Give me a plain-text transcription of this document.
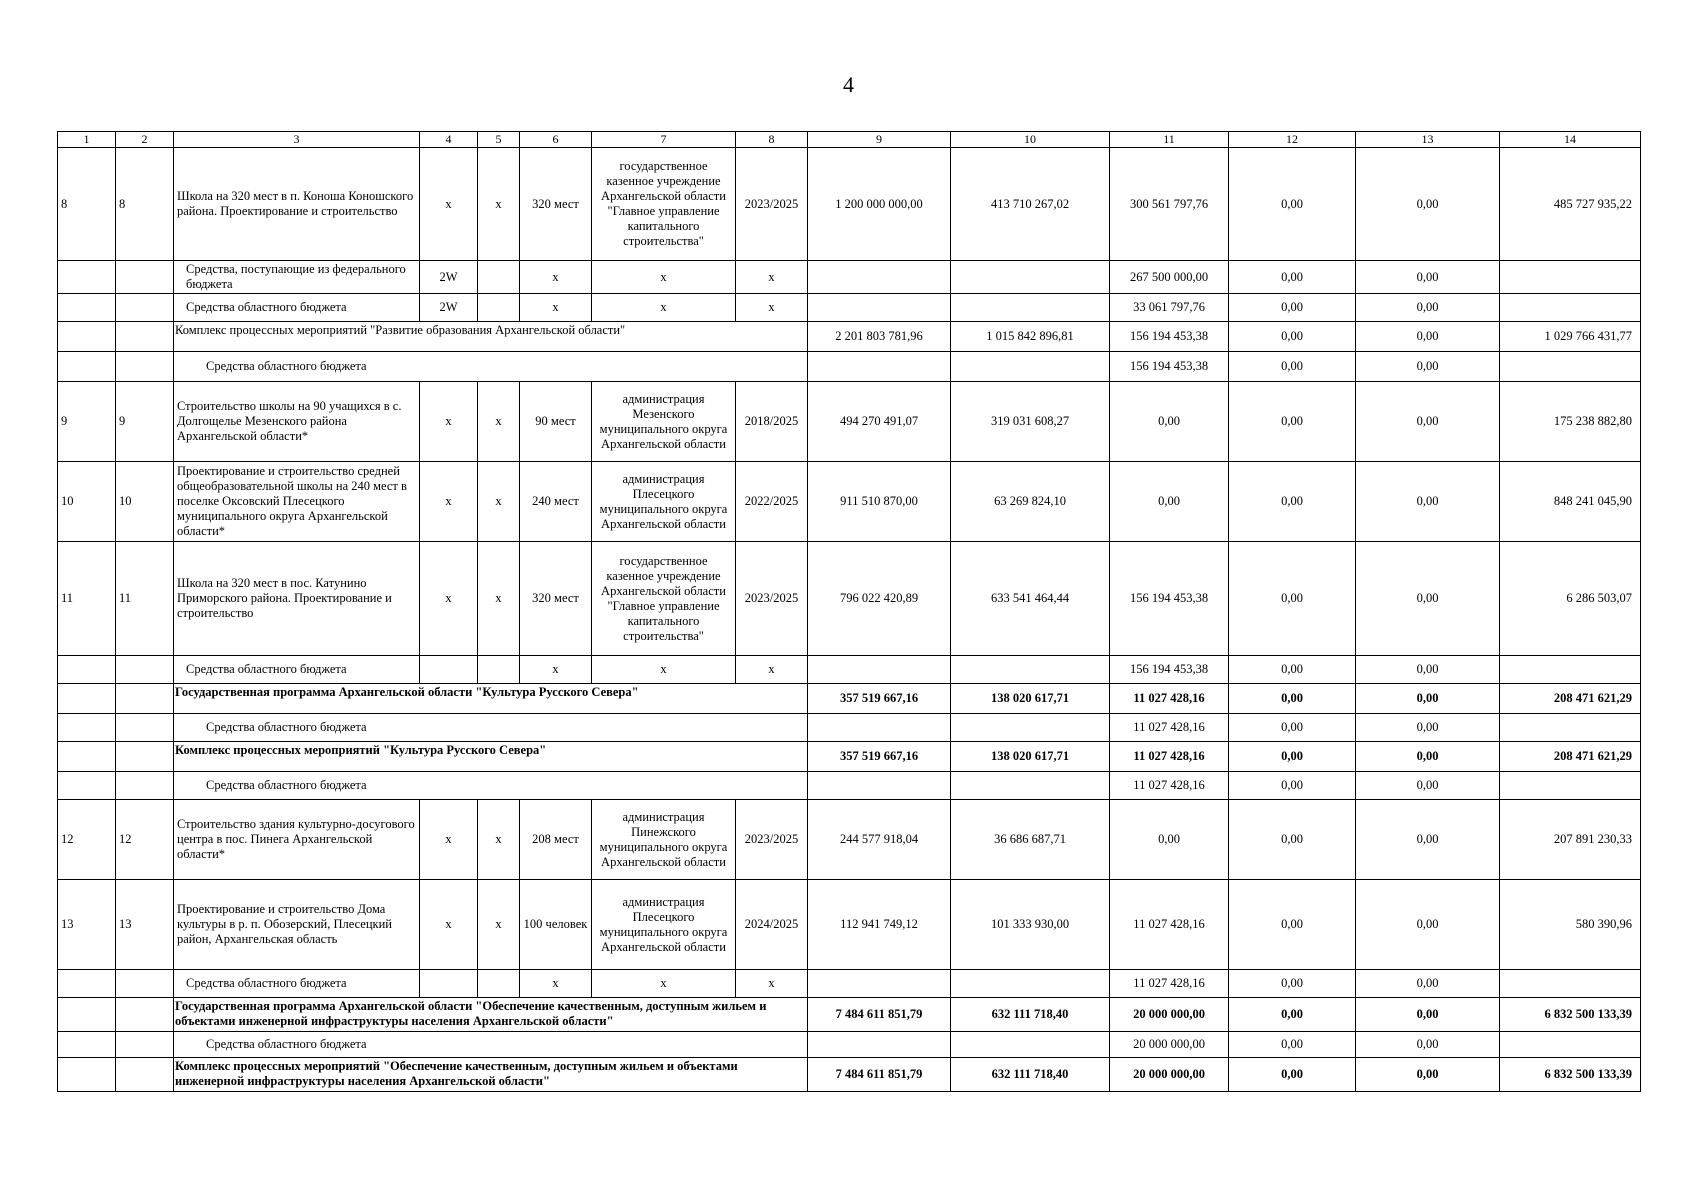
4
1	2	3	4	5	6	7	8	9	10	11	12	13	14
8	8	Школа на 320 мест в п. Коноша Коношского района. Проектирование и строительство	х	х	320 мест	государственное казенное учреждение Архангельской области "Главное управление капитального строительства"	2023/2025	1 200 000 000,00	413 710 267,02	300 561 797,76	0,00	0,00	485 727 935,22
		Средства, поступающие из федерального бюджета	2W		х	х	х			267 500 000,00	0,00	0,00	
		Средства областного бюджета	2W		х	х	х			33 061 797,76	0,00	0,00	
		Комплекс процессных мероприятий "Развитие образования Архангельской области"						2 201 803 781,96	1 015 842 896,81	156 194 453,38	0,00	0,00	1 029 766 431,77
		Средства областного бюджета								156 194 453,38	0,00	0,00	
9	9	Строительство школы на 90 учащихся в с. Долгощелье Мезенского района Архангельской области*	х	х	90 мест	администрация Мезенского муниципального округа Архангельской области	2018/2025	494 270 491,07	319 031 608,27	0,00	0,00	0,00	175 238 882,80
10	10	Проектирование и строительство средней общеобразовательной школы на 240 мест в поселке Оксовский Плесецкого муниципального округа Архангельской области*	х	х	240 мест	администрация Плесецкого муниципального округа Архангельской области	2022/2025	911 510 870,00	63 269 824,10	0,00	0,00	0,00	848 241 045,90
11	11	Школа на 320 мест в пос. Катунино Приморского района. Проектирование и строительство	х	х	320 мест	государственное казенное учреждение Архангельской области "Главное управление капитального строительства"	2023/2025	796 022 420,89	633 541 464,44	156 194 453,38	0,00	0,00	6 286 503,07
		Средства областного бюджета			х	х	х			156 194 453,38	0,00	0,00	
		Государственная программа Архангельской области "Культура Русского Севера"						357 519 667,16	138 020 617,71	11 027 428,16	0,00	0,00	208 471 621,29
		Средства областного бюджета								11 027 428,16	0,00	0,00	
		Комплекс процессных мероприятий "Культура Русского Севера"						357 519 667,16	138 020 617,71	11 027 428,16	0,00	0,00	208 471 621,29
		Средства областного бюджета								11 027 428,16	0,00	0,00	
12	12	Строительство здания культурно-досугового центра в пос. Пинега Архангельской области*	х	х	208 мест	администрация Пинежского муниципального округа Архангельской области	2023/2025	244 577 918,04	36 686 687,71	0,00	0,00	0,00	207 891 230,33
13	13	Проектирование и строительство Дома культуры в р. п. Обозерский, Плесецкий район, Архангельская область	х	х	100 человек	администрация Плесецкого муниципального округа Архангельской области	2024/2025	112 941 749,12	101 333 930,00	11 027 428,16	0,00	0,00	580 390,96
		Средства областного бюджета			х	х	х			11 027 428,16	0,00	0,00	
		Государственная программа Архангельской области "Обеспечение качественным, доступным жильем и объектами инженерной инфраструктуры населения Архангельской области"						7 484 611 851,79	632 111 718,40	20 000 000,00	0,00	0,00	6 832 500 133,39
		Средства областного бюджета								20 000 000,00	0,00	0,00	
		Комплекс процессных мероприятий "Обеспечение качественным, доступным жильем и объектами инженерной инфраструктуры населения Архангельской области"						7 484 611 851,79	632 111 718,40	20 000 000,00	0,00	0,00	6 832 500 133,39
